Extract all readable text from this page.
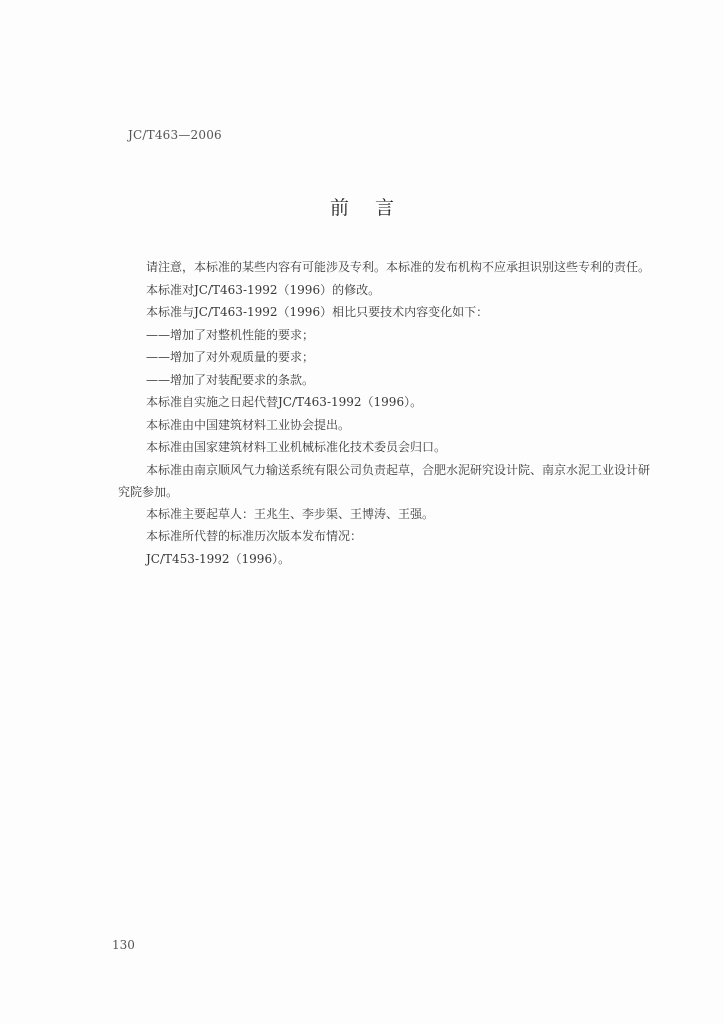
JC/T463—2006
前言

请注意，本标准的某些内容有可能涉及专利。本标准的发布机构不应承担识别这些专利的责任。

本标准对JC/T463-1992（1996）的修改。

本标准与JC/T463-1992（1996）相比只要技术内容变化如下：

——增加了对整机性能的要求；

——增加了对外观质量的要求；

——增加了对装配要求的条款。

本标准自实施之日起代替JC/T463-1992（1996）。

本标准由中国建筑材料工业协会提出。

本标准由国家建筑材料工业机械标准化技术委员会归口。

本标准由南京顺风气力输送系统有限公司负责起草，合肥水泥研究设计院、南京水泥工业设计研究院参加。

本标准主要起草人：王兆生、李步渠、王博涛、王强。

本标准所代替的标准历次版本发布情况：

JC/T453-1992（1996）。

130
